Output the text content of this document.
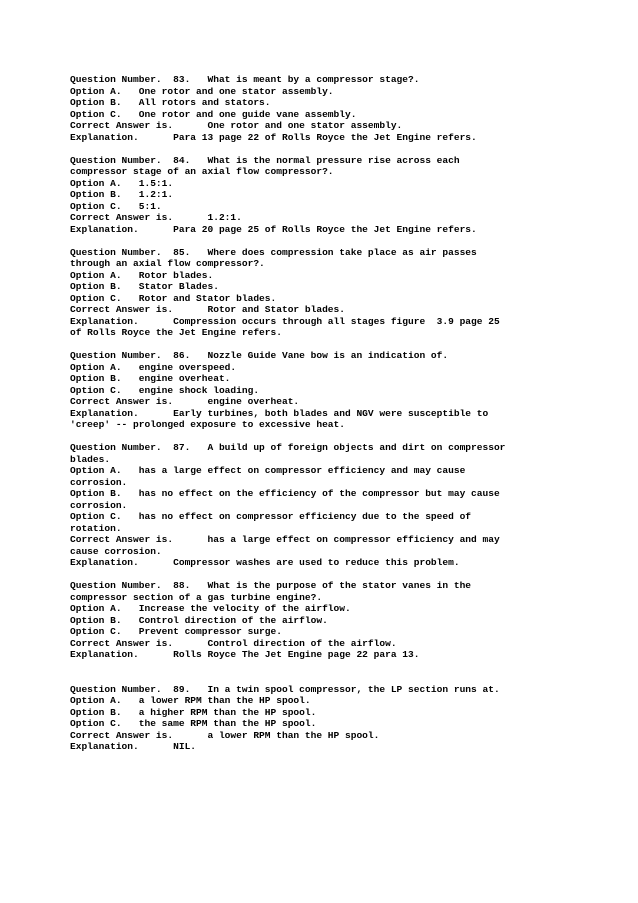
Question Number.  83.   What is meant by a compressor stage?.
Option A.   One rotor and one stator assembly.
Option B.   All rotors and stators.
Option C.   One rotor and one guide vane assembly.
Correct Answer is.      One rotor and one stator assembly.
Explanation.      Para 13 page 22 of Rolls Royce the Jet Engine refers.
Question Number.  84.   What is the normal pressure rise across each
compressor stage of an axial flow compressor?.
Option A.   1.5:1.
Option B.   1.2:1.
Option C.   5:1.
Correct Answer is.      1.2:1.
Explanation.      Para 20 page 25 of Rolls Royce the Jet Engine refers.
Question Number.  85.   Where does compression take place as air passes
through an axial flow compressor?.
Option A.   Rotor blades.
Option B.   Stator Blades.
Option C.   Rotor and Stator blades.
Correct Answer is.      Rotor and Stator blades.
Explanation.      Compression occurs through all stages figure  3.9 page 25
of Rolls Royce the Jet Engine refers.
Question Number.  86.   Nozzle Guide Vane bow is an indication of.
Option A.   engine overspeed.
Option B.   engine overheat.
Option C.   engine shock loading.
Correct Answer is.      engine overheat.
Explanation.      Early turbines, both blades and NGV were susceptible to
'creep' -- prolonged exposure to excessive heat.
Question Number.  87.   A build up of foreign objects and dirt on compressor
blades.
Option A.   has a large effect on compressor efficiency and may cause
corrosion.
Option B.   has no effect on the efficiency of the compressor but may cause
corrosion.
Option C.   has no effect on compressor efficiency due to the speed of
rotation.
Correct Answer is.      has a large effect on compressor efficiency and may
cause corrosion.
Explanation.      Compressor washes are used to reduce this problem.
Question Number.  88.   What is the purpose of the stator vanes in the
compressor section of a gas turbine engine?.
Option A.   Increase the velocity of the airflow.
Option B.   Control direction of the airflow.
Option C.   Prevent compressor surge.
Correct Answer is.      Control direction of the airflow.
Explanation.      Rolls Royce The Jet Engine page 22 para 13.
Question Number.  89.   In a twin spool compressor, the LP section runs at.
Option A.   a lower RPM than the HP spool.
Option B.   a higher RPM than the HP spool.
Option C.   the same RPM than the HP spool.
Correct Answer is.      a lower RPM than the HP spool.
Explanation.      NIL.
